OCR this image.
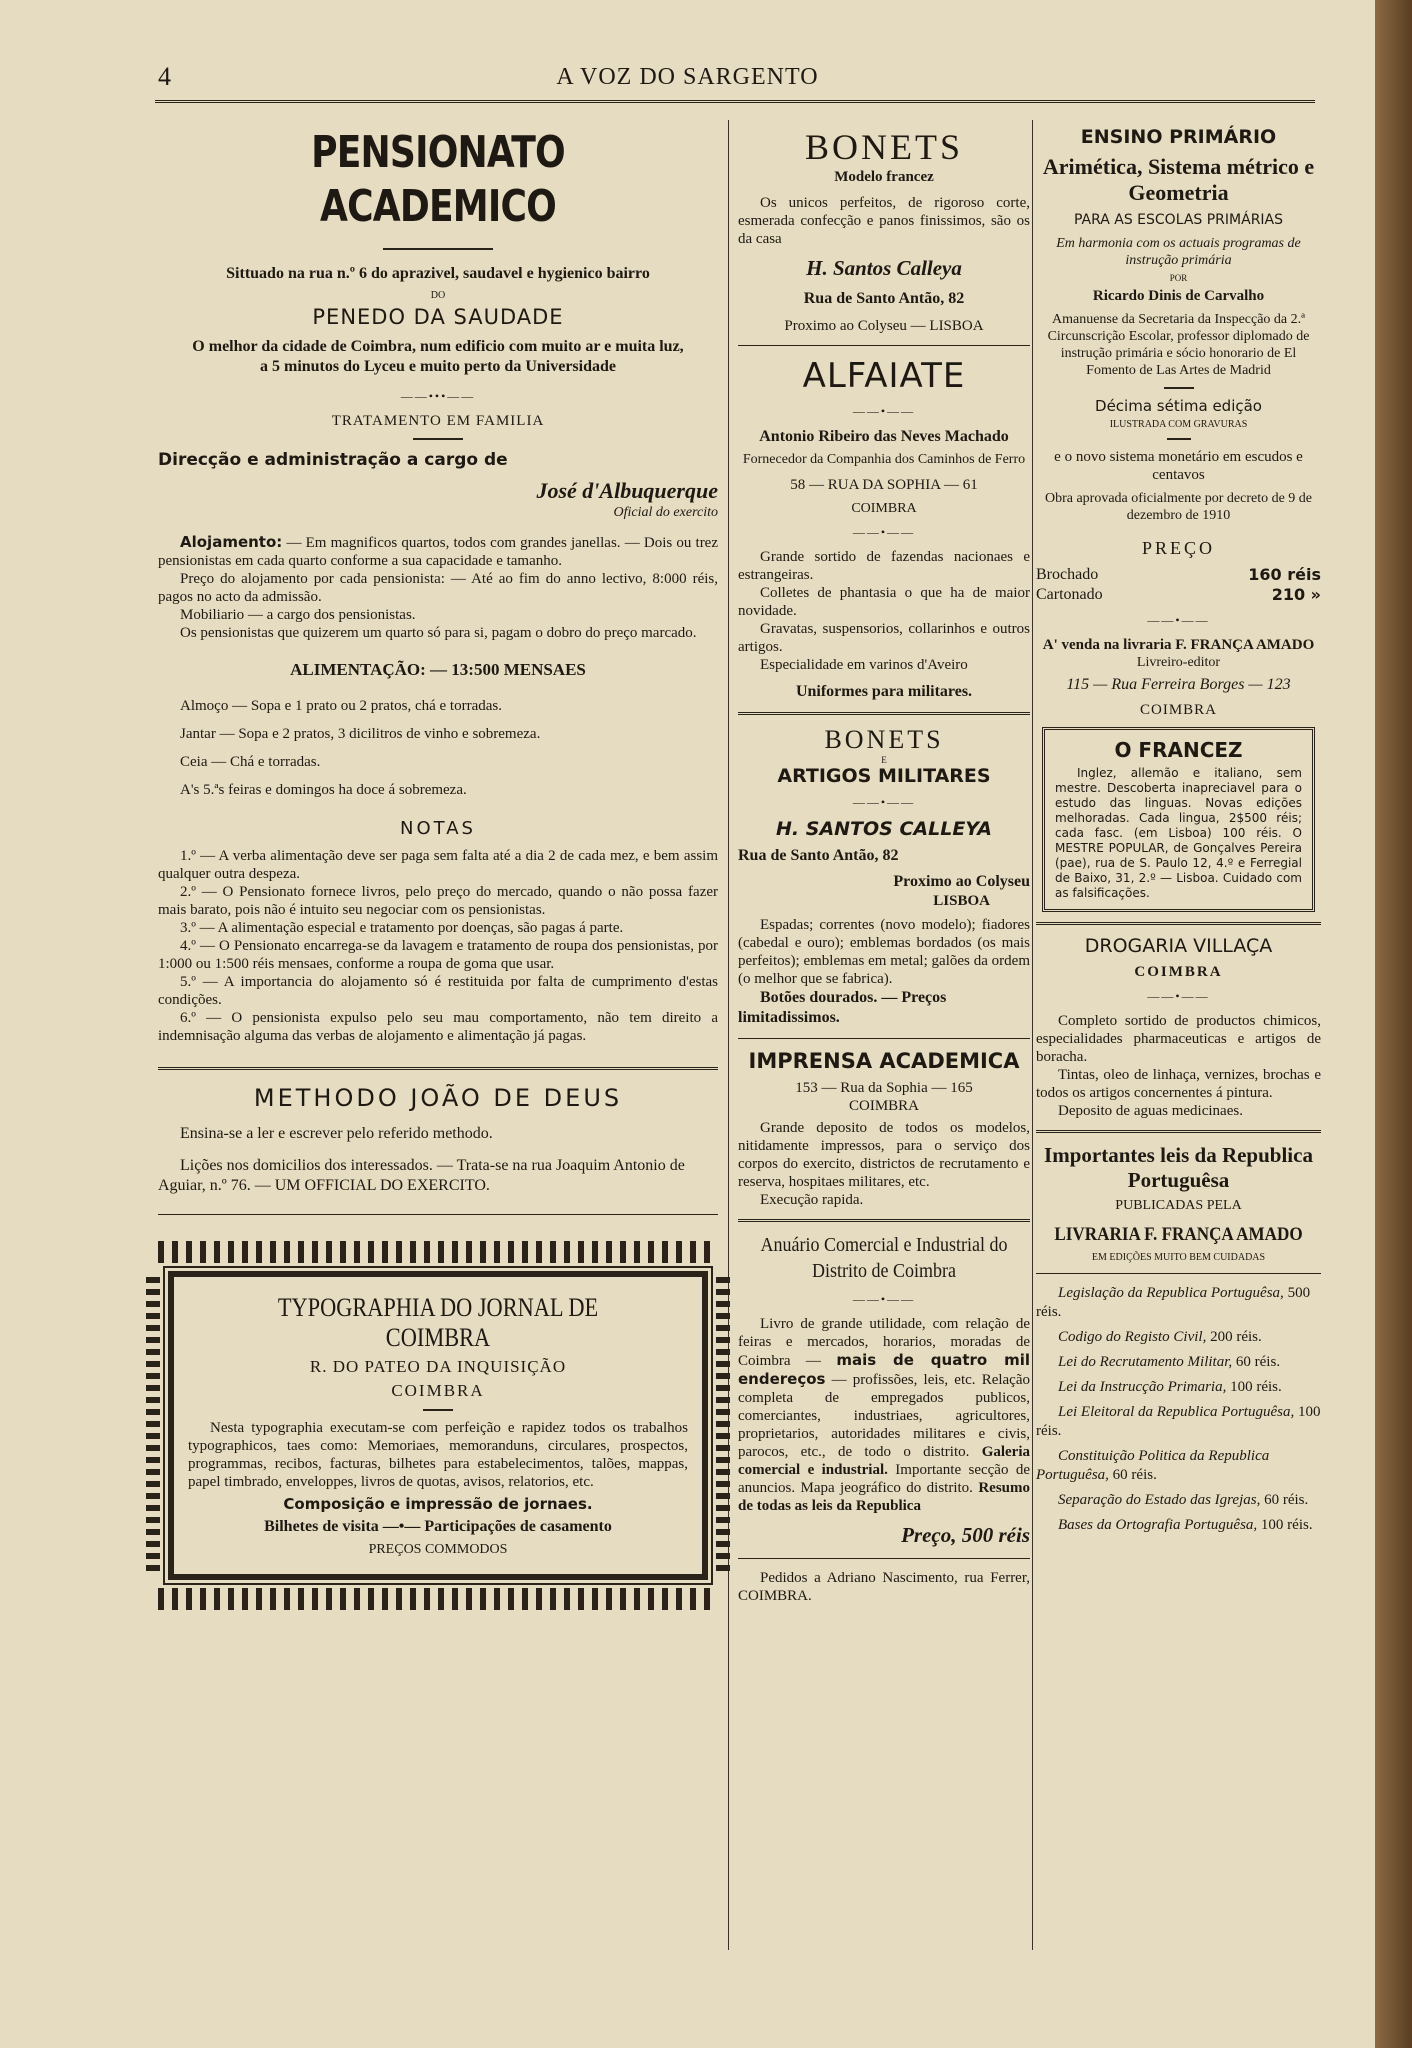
4	A VOZ DO SARGENTO
PENSIONATO ACADEMICO
Sittuado na rua n.º 6 do aprazivel, saudavel e hygienico bairro
DO
PENEDO DA SAUDADE
O melhor da cidade de Coimbra, num edificio com muito ar e muita luz,
a 5 minutos do Lyceu e muito perto da Universidade
——•••——
TRATAMENTO EM FAMILIA
Direcção e administração a cargo de
José d'Albuquerque
Oficial do exercito

Alojamento: — Em magnificos quartos, todos com grandes janellas. — Dois ou trez pensionistas em cada quarto conforme a sua capacidade e tamanho.

Preço do alojamento por cada pensionista: — Até ao fim do anno lectivo, 8:000 réis, pagos no acto da admissão.

Mobiliario — a cargo dos pensionistas.

Os pensionistas que quizerem um quarto só para si, pagam o dobro do preço marcado.

ALIMENTAÇÃO: — 13:500 MENSAES

Almoço — Sopa e 1 prato ou 2 pratos, chá e torradas.

Jantar — Sopa e 2 pratos, 3 dicilitros de vinho e sobremeza.

Ceia — Chá e torradas.

A's 5.ªs feiras e domingos ha doce á sobremeza.

NOTAS

1.º — A verba alimentação deve ser paga sem falta até a dia 2 de cada mez, e bem assim qualquer outra despeza.

2.º — O Pensionato fornece livros, pelo preço do mercado, quando o não possa fazer mais barato, pois não é intuito seu negociar com os pensionistas.

3.º — A alimentação especial e tratamento por doenças, são pagas á parte.

4.º — O Pensionato encarrega-se da lavagem e tratamento de roupa dos pensionistas, por 1:000 ou 1:500 réis mensaes, conforme a roupa de goma que usar.

5.º — A importancia do alojamento só é restituida por falta de cumprimento d'estas condições.

6.º — O pensionista expulso pelo seu mau comportamento, não tem direito a indemnisação alguma das verbas de alojamento e alimentação já pagas.

METHODO JOÃO DE DEUS

Ensina-se a ler e escrever pelo referido methodo.

Lições nos domicilios dos interessados. — Trata-se na rua Joaquim Antonio de Aguiar, n.º 76. — UM OFFICIAL DO EXERCITO.

TYPOGRAPHIA DO JORNAL DE COIMBRA
R. DO PATEO DA INQUISIÇÃO
COIMBRA

Nesta typographia executam-se com perfeição e rapidez todos os trabalhos typographicos, taes como: Memoriaes, memoranduns, circulares, prospectos, programmas, recibos, facturas, bilhetes para estabelecimentos, talões, mappas, papel timbrado, enveloppes, livros de quotas, avisos, relatorios, etc.

Composição e impressão de jornaes.
Bilhetes de visita —•— Participações de casamento
PREÇOS COMMODOS
BONETS
Modelo francez

Os unicos perfeitos, de rigoroso corte, esmerada confecção e panos finissimos, são os da casa

H. Santos Calleya
Rua de Santo Antão, 82
Proximo ao Colyseu — LISBOA
ALFAIATE
——•——
Antonio Ribeiro das Neves Machado
Fornecedor da Companhia dos Caminhos de Ferro
58 — RUA DA SOPHIA — 61
COIMBRA
——•——

Grande sortido de fazendas nacionaes e estrangeiras.

Colletes de phantasia o que ha de maior novidade.

Gravatas, suspensorios, collarinhos e outros artigos.

Especialidade em varinos d'Aveiro

Uniformes para militares.
BONETS
E
ARTIGOS MILITARES
——•——
H. SANTOS CALLEYA
Rua de Santo Antão, 82
Proximo ao Colyseu
LISBOA

Espadas; correntes (novo modelo); fiadores (cabedal e ouro); emblemas bordados (os mais perfeitos); emblemas em metal; galões da ordem (o melhor que se fabrica).

Botões dourados. — Preços limitadissimos.

IMPRENSA ACADEMICA
153 — Rua da Sophia — 165
COIMBRA

Grande deposito de todos os modelos, nitidamente impressos, para o serviço dos corpos do exercito, districtos de recrutamento e reserva, hospitaes militares, etc.

Execução rapida.

Anuário Comercial e Industrial do Distrito de Coimbra
——•——

Livro de grande utilidade, com relação de feiras e mercados, horarios, moradas de Coimbra — mais de quatro mil endereços — profissões, leis, etc. Relação completa de empregados publicos, comerciantes, industriaes, agricultores, proprietarios, autoridades militares e civis, parocos, etc., de todo o distrito. Galeria comercial e industrial. Importante secção de anuncios. Mapa jeográfico do distrito. Resumo de todas as leis da Republica

Preço, 500 réis

Pedidos a Adriano Nascimento, rua Ferrer, COIMBRA.

ENSINO PRIMÁRIO
Arimética, Sistema métrico e Geometria
PARA AS ESCOLAS PRIMÁRIAS
Em harmonia com os actuais programas de instrução primária
POR
Ricardo Dinis de Carvalho
Amanuense da Secretaria da Inspecção da 2.ª Circunscrição Escolar, professor diplomado de instrução primária e sócio honorario de El Fomento de Las Artes de Madrid
Décima sétima edição
ILUSTRADA COM GRAVURAS
e o novo sistema monetário em escudos e centavos
Obra aprovada oficialmente por decreto de 9 de dezembro de 1910
PREÇO
Brochado	160 réis
Cartonado	210 »
——•——
A' venda na livraria F. FRANÇA AMADO
Livreiro-editor
115 — Rua Ferreira Borges — 123
COIMBRA
O FRANCEZ

Inglez, allemão e italiano, sem mestre. Descoberta inapreciavel para o estudo das linguas. Novas edições melhoradas. Cada lingua, 2$500 réis; cada fasc. (em Lisboa) 100 réis. O MESTRE POPULAR, de Gonçalves Pereira (pae), rua de S. Paulo 12, 4.º e Ferregial de Baixo, 31, 2.º — Lisboa. Cuidado com as falsificações.

DROGARIA VILLAÇA
COIMBRA
——•——

Completo sortido de productos chimicos, especialidades pharmaceuticas e artigos de boracha.

Tintas, oleo de linhaça, vernizes, brochas e todos os artigos concernentes á pintura.

Deposito de aguas medicinaes.

Importantes leis da Republica Portuguêsa
PUBLICADAS PELA
LIVRARIA F. FRANÇA AMADO
EM EDIÇÕES MUITO BEM CUIDADAS

Legislação da Republica Portuguêsa, 500 réis.

Codigo do Registo Civil, 200 réis.

Lei do Recrutamento Militar, 60 réis.

Lei da Instrucção Primaria, 100 réis.

Lei Eleitoral da Republica Portuguêsa, 100 réis.

Constituição Politica da Republica Portuguêsa, 60 réis.

Separação do Estado das Igrejas, 60 réis.

Bases da Ortografia Portuguêsa, 100 réis.
